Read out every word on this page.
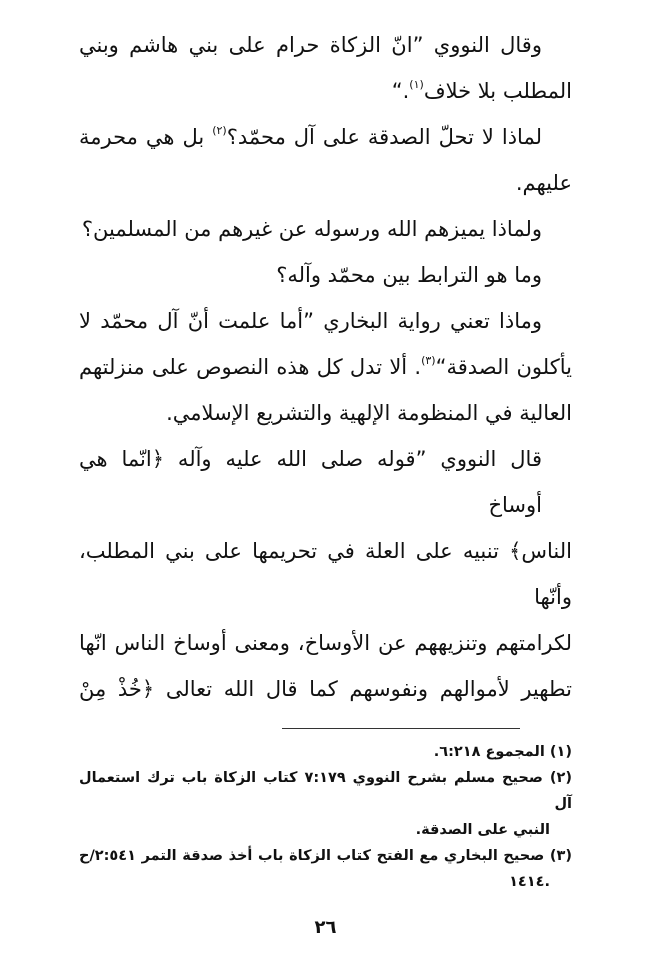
وقال النووي ”انّ الزكاة حرام على بني هاشم وبني
المطلب بلا خلاف$^{(١)}$.“
لماذا لا تحلّ الصدقة على آل محمّد؟$^{(٢)}$ بل هي محرمة
عليهم.
ولماذا يميزهم الله ورسوله عن غيرهم من المسلمين؟
وما هو الترابط بين محمّد وآله؟
وماذا تعني رواية البخاري ”أما علمت أنّ آل محمّد لا
يأكلون الصدقة“$^{(٣)}$. ألا تدل كل هذه النصوص على منزلتهم
العالية في المنظومة الإلهية والتشريع الإسلامي.
قال النووي ”قوله صلى الله عليه وآله ﴿انّما هي أوساخ
الناس﴾ تنبيه على العلة في تحريمها على بني المطلب، وأنّها
لكرامتهم وتنزيههم عن الأوساخ، ومعنى أوساخ الناس انّها
تطهير لأموالهم ونفوسهم كما قال الله تعالى ﴿خُذْ مِنْ
(١) المجموع ٦:٢١٨.
(٢) صحيح مسلم بشرح النووي ٧:١٧٩ كتاب الزكاة باب ترك استعمال آل
النبي على الصدقة.
(٣) صحيح البخاري مع الفتح كتاب الزكاة باب أخذ صدقة التمر ٢:٥٤١/ح
.١٤١٤
٢٦
